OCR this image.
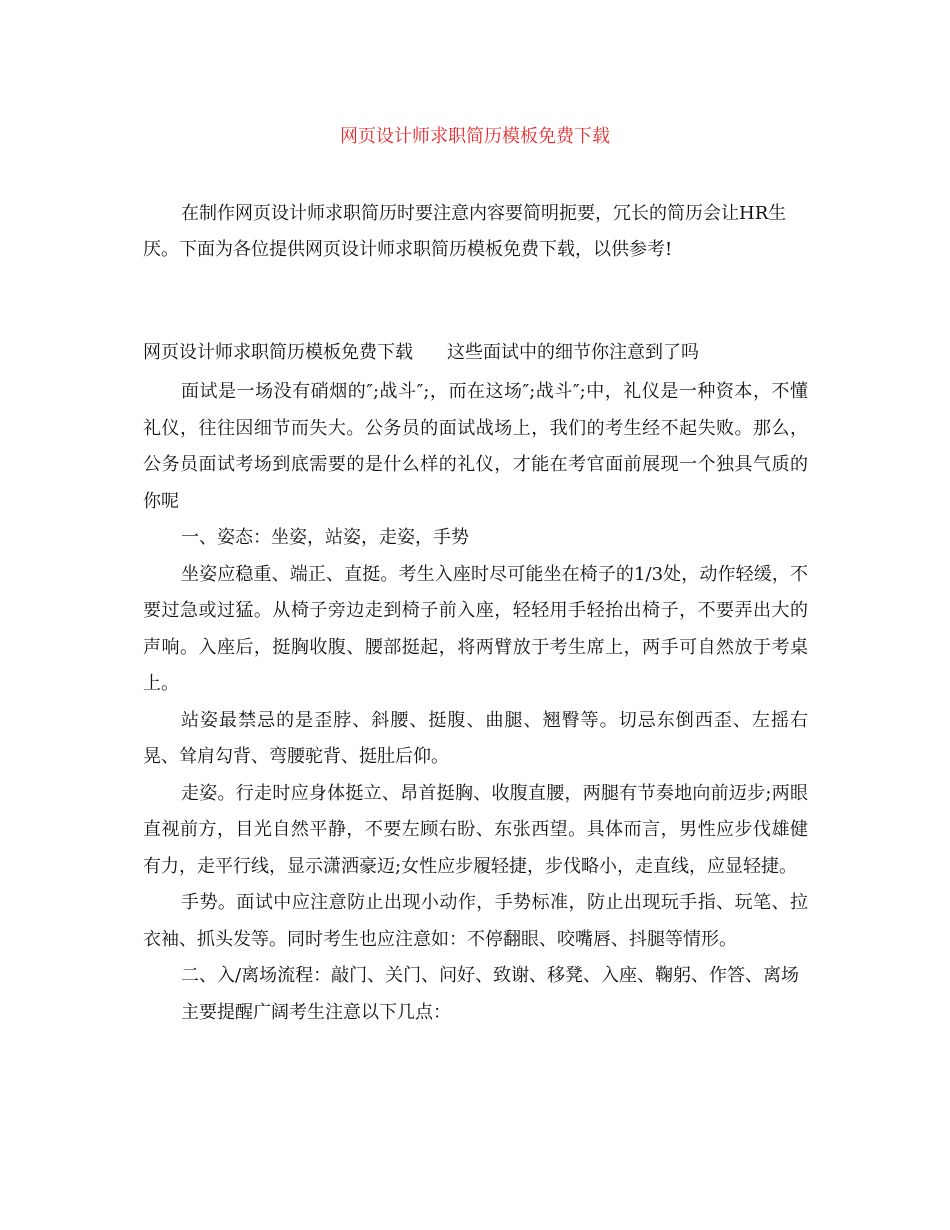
网页设计师求职简历模板免费下载

在制作网页设计师求职简历时要注意内容要简明扼要，冗长的简历会让HR生厌。下面为各位提供网页设计师求职简历模板免费下载，以供参考!

网页设计师求职简历模板免费下载 这些面试中的细节你注意到了吗

面试是一场没有硝烟的″;战斗″;，而在这场″;战斗″;中，礼仪是一种资本，不懂礼仪，往往因细节而失大。公务员的面试战场上，我们的考生经不起失败。那么，公务员面试考场到底需要的是什么样的礼仪，才能在考官面前展现一个独具气质的你呢

一、姿态：坐姿，站姿，走姿，手势

坐姿应稳重、端正、直挺。考生入座时尽可能坐在椅子的1/3处，动作轻缓，不要过急或过猛。从椅子旁边走到椅子前入座，轻轻用手轻抬出椅子，不要弄出大的声响。入座后，挺胸收腹、腰部挺起，将两臂放于考生席上，两手可自然放于考桌上。

站姿最禁忌的是歪脖、斜腰、挺腹、曲腿、翘臀等。切忌东倒西歪、左摇右晃、耸肩勾背、弯腰驼背、挺肚后仰。

走姿。行走时应身体挺立、昂首挺胸、收腹直腰，两腿有节奏地向前迈步;两眼直视前方，目光自然平静，不要左顾右盼、东张西望。具体而言，男性应步伐雄健有力，走平行线，显示潇洒豪迈;女性应步履轻捷，步伐略小，走直线，应显轻捷。

手势。面试中应注意防止出现小动作，手势标准，防止出现玩手指、玩笔、拉衣袖、抓头发等。同时考生也应注意如：不停翻眼、咬嘴唇、抖腿等情形。

二、入/离场流程：敲门、关门、问好、致谢、移凳、入座、鞠躬、作答、离场

主要提醒广阔考生注意以下几点：
